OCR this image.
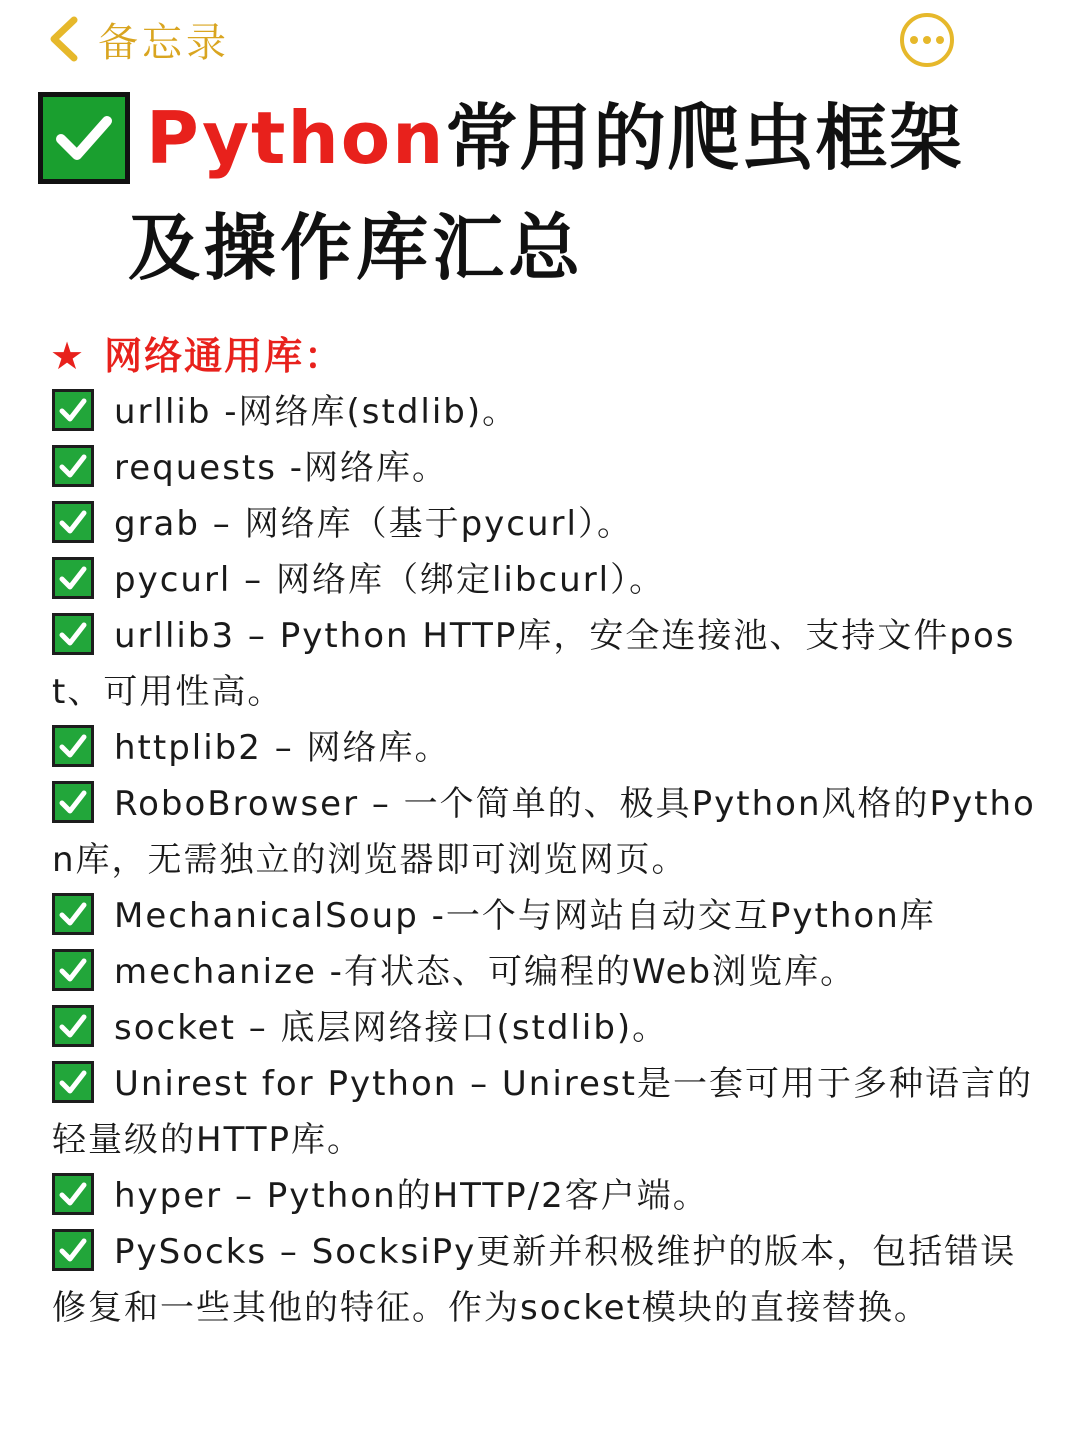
备忘录
Python常用的爬虫框架
及操作库汇总
★ 网络通用库：
urllib -网络库(stdlib)。
requests -网络库。
grab – 网络库（基于pycurl）。
pycurl – 网络库（绑定libcurl）。
urllib3 – Python HTTP库，安全连接池、支持文件post、可用性高。
httplib2 – 网络库。
RoboBrowser – 一个简单的、极具Python风格的Python库，无需独立的浏览器即可浏览网页。
MechanicalSoup -一个与网站自动交互Python库
mechanize -有状态、可编程的Web浏览库。
socket – 底层网络接口(stdlib)。
Unirest for Python – Unirest是一套可用于多种语言的轻量级的HTTP库。
hyper – Python的HTTP/2客户端。
PySocks – SocksiPy更新并积极维护的版本，包括错误修复和一些其他的特征。作为socket模块的直接替换。
